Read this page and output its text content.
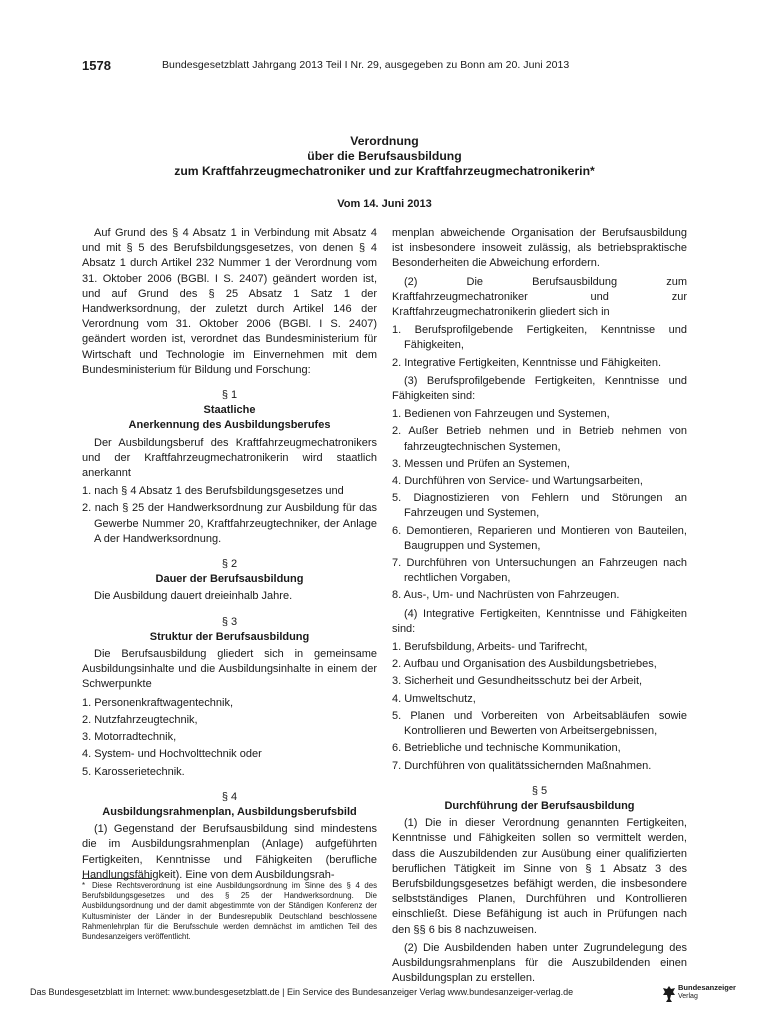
1578	Bundesgesetzblatt Jahrgang 2013 Teil I Nr. 29, ausgegeben zu Bonn am 20. Juni 2013
Verordnung
über die Berufsausbildung
zum Kraftfahrzeugmechatroniker und zur Kraftfahrzeugmechatronikerin*
Vom 14. Juni 2013

Auf Grund des § 4 Absatz 1 in Verbindung mit Absatz 4 und mit § 5 des Berufsbildungsgesetzes, von denen § 4 Absatz 1 durch Artikel 232 Nummer 1 der Verordnung vom 31. Oktober 2006 (BGBl. I S. 2407) geändert worden ist, und auf Grund des § 25 Absatz 1 Satz 1 der Handwerksordnung, der zuletzt durch Artikel 146 der Verordnung vom 31. Oktober 2006 (BGBl. I S. 2407) geändert worden ist, verordnet das Bundesministerium für Wirtschaft und Technologie im Einvernehmen mit dem Bundesministerium für Bildung und Forschung:

§ 1
Staatliche
Anerkennung des Ausbildungsberufes

Der Ausbildungsberuf des Kraftfahrzeugmechatronikers und der Kraftfahrzeugmechatronikerin wird staatlich anerkannt

1. nach § 4 Absatz 1 des Berufsbildungsgesetzes und
2. nach § 25 der Handwerksordnung zur Ausbildung für das Gewerbe Nummer 20, Kraftfahrzeugtechniker, der Anlage A der Handwerksordnung.
§ 2
Dauer der Berufsausbildung

Die Ausbildung dauert dreieinhalb Jahre.

§ 3
Struktur der Berufsausbildung

Die Berufsausbildung gliedert sich in gemeinsame Ausbildungsinhalte und die Ausbildungsinhalte in einem der Schwerpunkte

1. Personenkraftwagentechnik,
2. Nutzfahrzeugtechnik,
3. Motorradtechnik,
4. System- und Hochvolttechnik oder
5. Karosserietechnik.
§ 4
Ausbildungsrahmenplan, Ausbildungsberufsbild

(1) Gegenstand der Berufsausbildung sind mindestens die im Ausbildungsrahmenplan (Anlage) aufgeführten Fertigkeiten, Kenntnisse und Fähigkeiten (berufliche Handlungsfähigkeit). Eine von dem Ausbildungsrah-

menplan abweichende Organisation der Berufsausbildung ist insbesondere insoweit zulässig, als betriebspraktische Besonderheiten die Abweichung erfordern.

(2) Die Berufsausbildung zum Kraftfahrzeugmechatroniker und zur Kraftfahrzeugmechatronikerin gliedert sich in

1. Berufsprofilgebende Fertigkeiten, Kenntnisse und Fähigkeiten,
2. Integrative Fertigkeiten, Kenntnisse und Fähigkeiten.

(3) Berufsprofilgebende Fertigkeiten, Kenntnisse und Fähigkeiten sind:

1. Bedienen von Fahrzeugen und Systemen,
2. Außer Betrieb nehmen und in Betrieb nehmen von fahrzeugtechnischen Systemen,
3. Messen und Prüfen an Systemen,
4. Durchführen von Service- und Wartungsarbeiten,
5. Diagnostizieren von Fehlern und Störungen an Fahrzeugen und Systemen,
6. Demontieren, Reparieren und Montieren von Bauteilen, Baugruppen und Systemen,
7. Durchführen von Untersuchungen an Fahrzeugen nach rechtlichen Vorgaben,
8. Aus-, Um- und Nachrüsten von Fahrzeugen.

(4) Integrative Fertigkeiten, Kenntnisse und Fähigkeiten sind:

1. Berufsbildung, Arbeits- und Tarifrecht,
2. Aufbau und Organisation des Ausbildungsbetriebes,
3. Sicherheit und Gesundheitsschutz bei der Arbeit,
4. Umweltschutz,
5. Planen und Vorbereiten von Arbeitsabläufen sowie Kontrollieren und Bewerten von Arbeitsergebnissen,
6. Betriebliche und technische Kommunikation,
7. Durchführen von qualitätssichernden Maßnahmen.
§ 5
Durchführung der Berufsausbildung

(1) Die in dieser Verordnung genannten Fertigkeiten, Kenntnisse und Fähigkeiten sollen so vermittelt werden, dass die Auszubildenden zur Ausübung einer qualifizierten beruflichen Tätigkeit im Sinne von § 1 Absatz 3 des Berufsbildungsgesetzes befähigt werden, die insbesondere selbstständiges Planen, Durchführen und Kontrollieren einschließt. Diese Befähigung ist auch in Prüfungen nach den §§ 6 bis 8 nachzuweisen.

(2) Die Ausbildenden haben unter Zugrundelegung des Ausbildungsrahmenplans für die Auszubildenden einen Ausbildungsplan zu erstellen.

* Diese Rechtsverordnung ist eine Ausbildungsordnung im Sinne des § 4 des Berufsbildungsgesetzes und des § 25 der Handwerksordnung. Die Ausbildungsordnung und der damit abgestimmte von der Ständigen Konferenz der Kultusminister der Länder in der Bundesrepublik Deutschland beschlossene Rahmenlehrplan für die Berufsschule werden demnächst im amtlichen Teil des Bundesanzeigers veröffentlicht.
Das Bundesgesetzblatt im Internet: www.bundesgesetzblatt.de | Ein Service des Bundesanzeiger Verlag www.bundesanzeiger-verlag.de	Bundesanzeiger
Verlag
